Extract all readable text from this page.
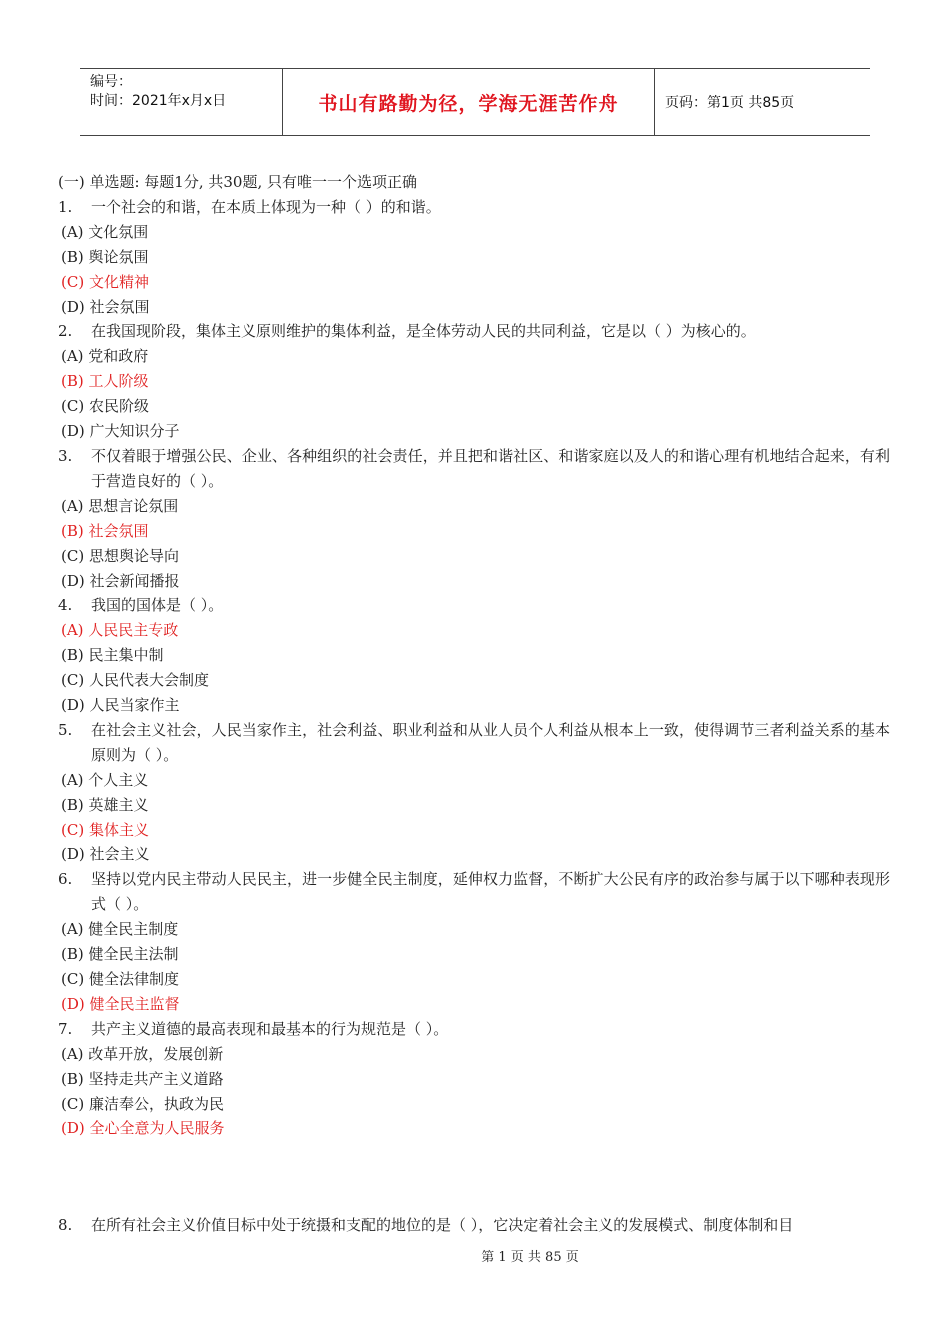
编号：
时间：2021年x月x日	书山有路勤为径，学海无涯苦作舟	页码：第1页 共85页
(一) 单选题: 每题1分, 共30题, 只有唯一一个选项正确
1.	一个社会的和谐，在本质上体现为一种（ ）的和谐。
(A) 文化氛围
(B) 舆论氛围
(C) 文化精神
(D) 社会氛围
2.	在我国现阶段，集体主义原则维护的集体利益，是全体劳动人民的共同利益，它是以（ ）为核心的。
(A) 党和政府
(B) 工人阶级
(C) 农民阶级
(D) 广大知识分子
3.	不仅着眼于增强公民、企业、各种组织的社会责任，并且把和谐社区、和谐家庭以及人的和谐心理有机地结合起来，有利于营造良好的（ ）。
(A) 思想言论氛围
(B) 社会氛围
(C) 思想舆论导向
(D) 社会新闻播报
4.	我国的国体是（ ）。
(A) 人民民主专政
(B) 民主集中制
(C) 人民代表大会制度
(D) 人民当家作主
5.	在社会主义社会，人民当家作主，社会利益、职业利益和从业人员个人利益从根本上一致，使得调节三者利益关系的基本原则为（ ）。
(A) 个人主义
(B) 英雄主义
(C) 集体主义
(D) 社会主义
6.	坚持以党内民主带动人民民主，进一步健全民主制度，延伸权力监督，不断扩大公民有序的政治参与属于以下哪种表现形式（ ）。
(A) 健全民主制度
(B) 健全民主法制
(C) 健全法律制度
(D) 健全民主监督
7.	共产主义道德的最高表现和最基本的行为规范是（ ）。
(A) 改革开放，发展创新
(B) 坚持走共产主义道路
(C) 廉洁奉公，执政为民
(D) 全心全意为人民服务
8.	在所有社会主义价值目标中处于统摄和支配的地位的是（ ），它决定着社会主义的发展模式、制度体制和目
第 1 页 共 85 页
